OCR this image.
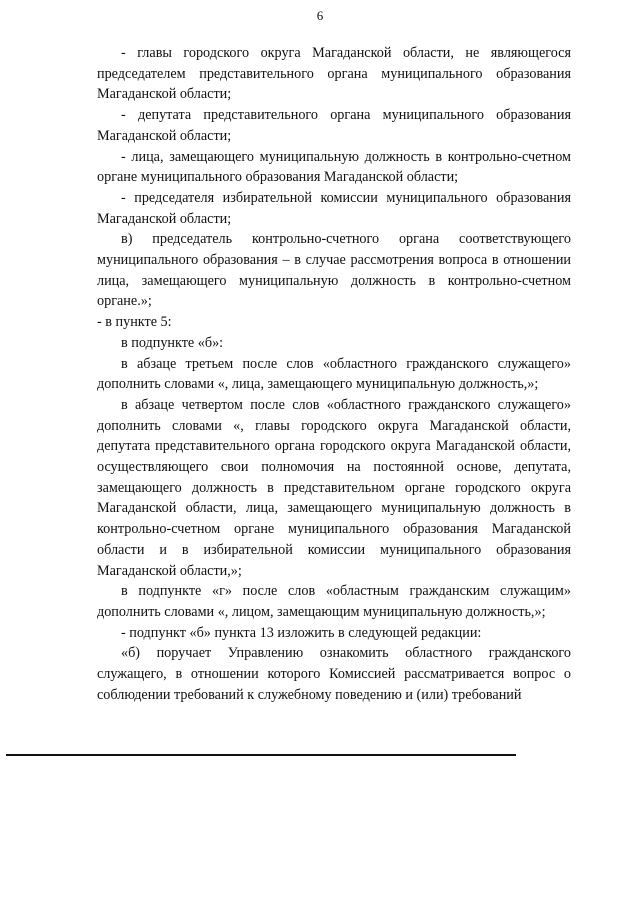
6

- главы городского округа Магаданской области, не являющегося председателем представительного органа муниципального образования Магаданской области;

- депутата представительного органа муниципального образования Магаданской области;

- лица, замещающего муниципальную должность в контрольно-счетном органе муниципального образования Магаданской области;

- председателя избирательной комиссии муниципального образования Магаданской области;

в) председатель контрольно-счетного органа соответствующего муниципального образования – в случае рассмотрения вопроса в отношении лица, замещающего муниципальную должность в контрольно-счетном органе.»;

- в пункте 5:

в подпункте «б»:

в абзаце третьем после слов «областного гражданского служащего» дополнить словами «, лица, замещающего муниципальную должность,»;

в абзаце четвертом после слов «областного гражданского служащего» дополнить словами «, главы городского округа Магаданской области, депутата представительного органа городского округа Магаданской области, осуществляющего свои полномочия на постоянной основе, депутата, замещающего должность в представительном органе городского округа Магаданской области, лица, замещающего муниципальную должность в контрольно-счетном органе муниципального образования Магаданской области и в избирательной комиссии муниципального образования Магаданской области,»;

в подпункте «г» после слов «областным гражданским служащим» дополнить словами «, лицом, замещающим муниципальную должность,»;

- подпункт «б» пункта 13 изложить в следующей редакции:

«б) поручает Управлению ознакомить областного гражданского служащего, в отношении которого Комиссией рассматривается вопрос о соблюдении требований к служебному поведению и (или) требований
